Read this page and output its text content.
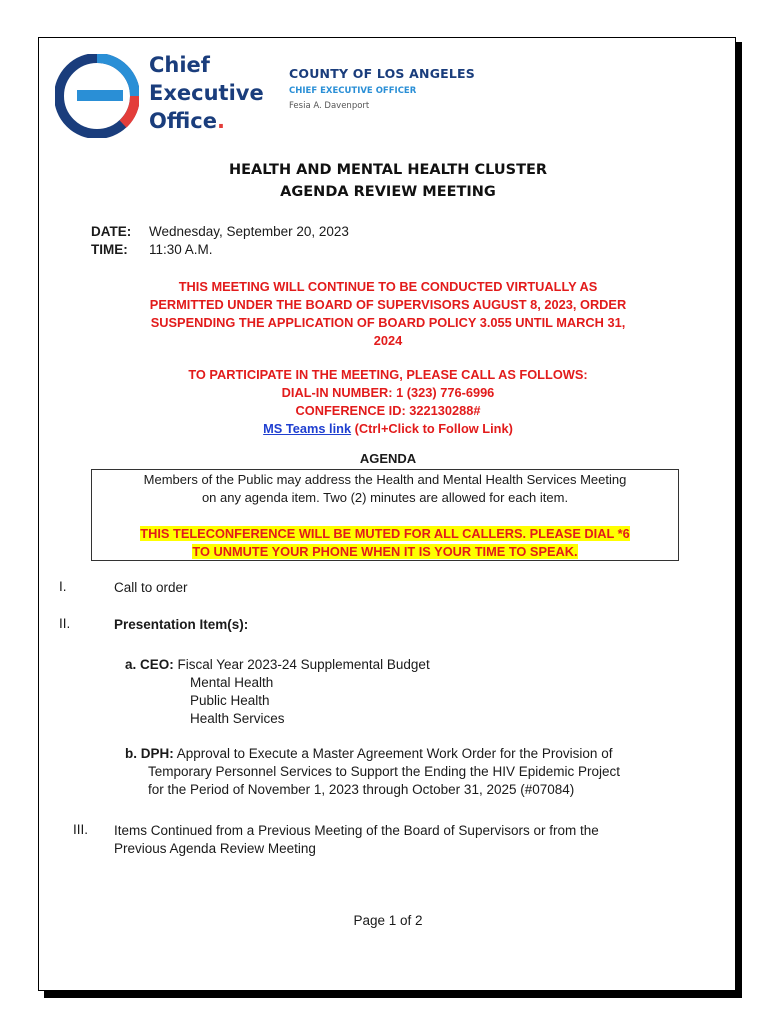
Chief
Executive
Office.
COUNTY OF LOS ANGELES
CHIEF EXECUTIVE OFFICER
Fesia A. Davenport
HEALTH AND MENTAL HEALTH CLUSTER
AGENDA REVIEW MEETING
DATE: Wednesday, September 20, 2023
TIME: 11:30 A.M.
THIS MEETING WILL CONTINUE TO BE CONDUCTED VIRTUALLY AS
PERMITTED UNDER THE BOARD OF SUPERVISORS AUGUST 8, 2023, ORDER
SUSPENDING THE APPLICATION OF BOARD POLICY 3.055 UNTIL MARCH 31,
2024
TO PARTICIPATE IN THE MEETING, PLEASE CALL AS FOLLOWS:
DIAL-IN NUMBER: 1 (323) 776-6996
CONFERENCE ID: 322130288#
MS Teams link (Ctrl+Click to Follow Link)
AGENDA
Members of the Public may address the Health and Mental Health Services Meeting
on any agenda item. Two (2) minutes are allowed for each item.
THIS TELECONFERENCE WILL BE MUTED FOR ALL CALLERS. PLEASE DIAL *6
TO UNMUTE YOUR PHONE WHEN IT IS YOUR TIME TO SPEAK.
I.	Call to order
II.	Presentation Item(s):
a. CEO: Fiscal Year 2023-24 Supplemental Budget
Mental Health
Public Health
Health Services
b. DPH: Approval to Execute a Master Agreement Work Order for the Provision of
Temporary Personnel Services to Support the Ending the HIV Epidemic Project
for the Period of November 1, 2023 through October 31, 2025 (#07084)
III. Items Continued from a Previous Meeting of the Board of Supervisors or from the
Previous Agenda Review Meeting
Page 1 of 2
